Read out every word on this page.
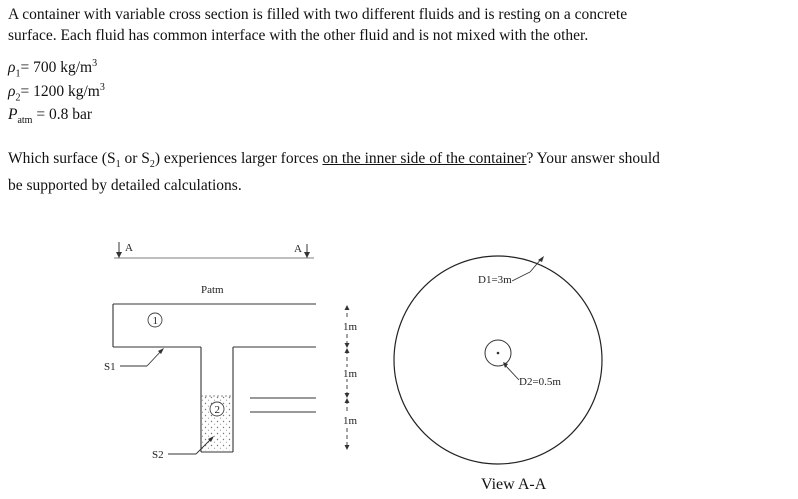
A container with variable cross section is filled with two different fluids and is resting on a concrete
surface. Each fluid has common interface with the other fluid and is not mixed with the other.

$\rho_1= 700$ $kg/m^3$
$\rho_2= 1200$ $kg/m^3$
$P_{atm} = 0.8$ bar

Which surface ($S_1$ or $S_2$) experiences larger forces on the inner side of the container? Your answer should
be supported by detailed calculations.

A	A
Patm
1
2
S1
S2
1m
1m
1m
D1=3m
D2=0.5m
View A-A
